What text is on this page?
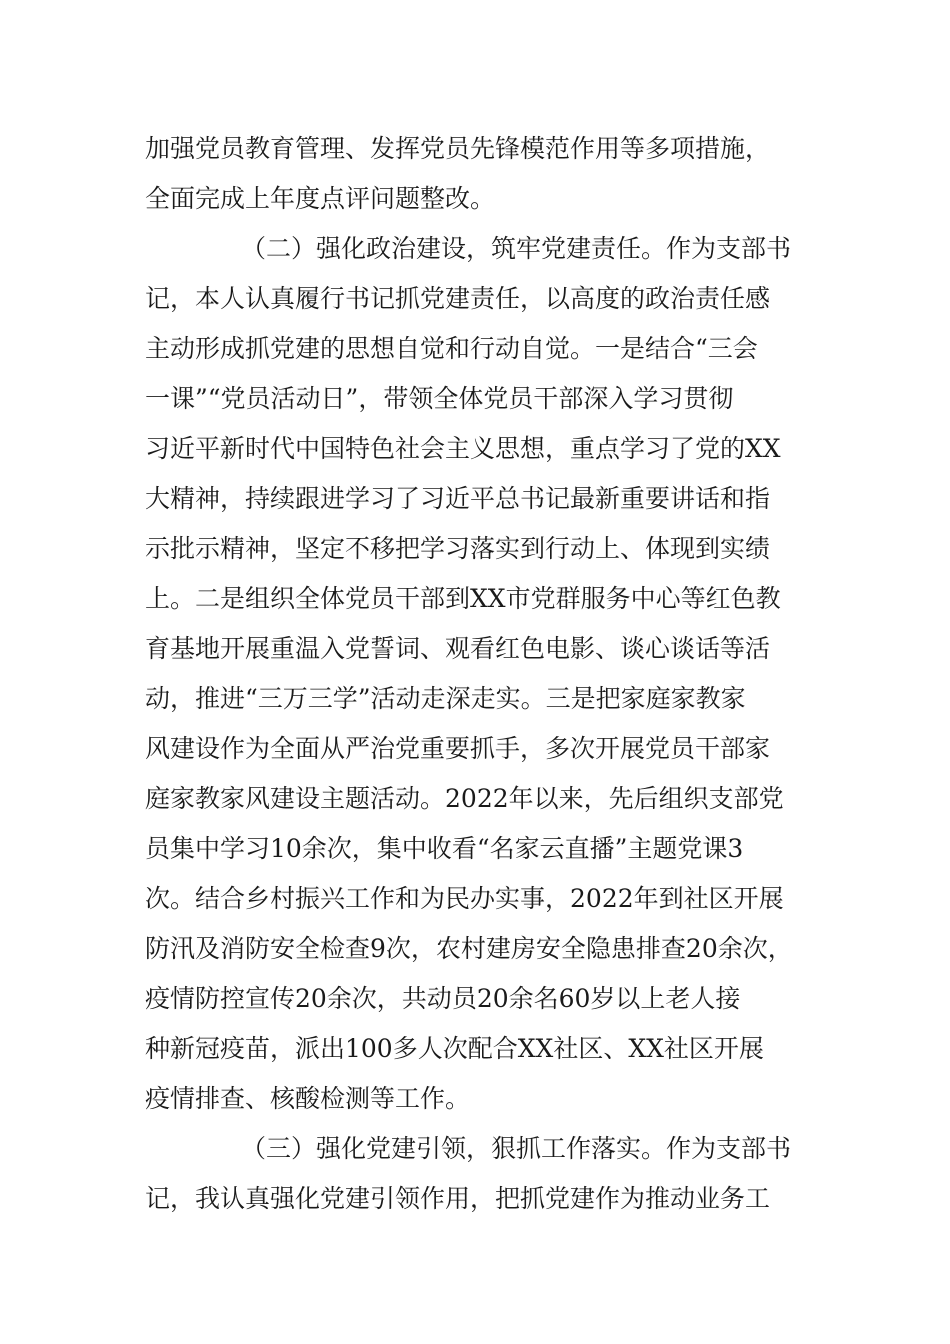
加强党员教育管理、发挥党员先锋模范作用等多项措施，
全面完成上年度点评问题整改。
（二）强化政治建设，筑牢党建责任。作为支部书
记，本人认真履行书记抓党建责任，以高度的政治责任感
主动形成抓党建的思想自觉和行动自觉。一是结合“三会
一课”“党员活动日”，带领全体党员干部深入学习贯彻
习近平新时代中国特色社会主义思想，重点学习了党的XX
大精神，持续跟进学习了习近平总书记最新重要讲话和指
示批示精神，坚定不移把学习落实到行动上、体现到实绩
上。二是组织全体党员干部到XX市党群服务中心等红色教
育基地开展重温入党誓词、观看红色电影、谈心谈话等活
动，推进“三万三学”活动走深走实。三是把家庭家教家
风建设作为全面从严治党重要抓手，多次开展党员干部家
庭家教家风建设主题活动。2022年以来，先后组织支部党
员集中学习10余次，集中收看“名家云直播”主题党课3
次。结合乡村振兴工作和为民办实事，2022年到社区开展
防汛及消防安全检查9次，农村建房安全隐患排查20余次，
疫情防控宣传20余次，共动员20余名60岁以上老人接
种新冠疫苗，派出100多人次配合XX社区、XX社区开展
疫情排查、核酸检测等工作。
（三）强化党建引领，狠抓工作落实。作为支部书
记，我认真强化党建引领作用，把抓党建作为推动业务工
